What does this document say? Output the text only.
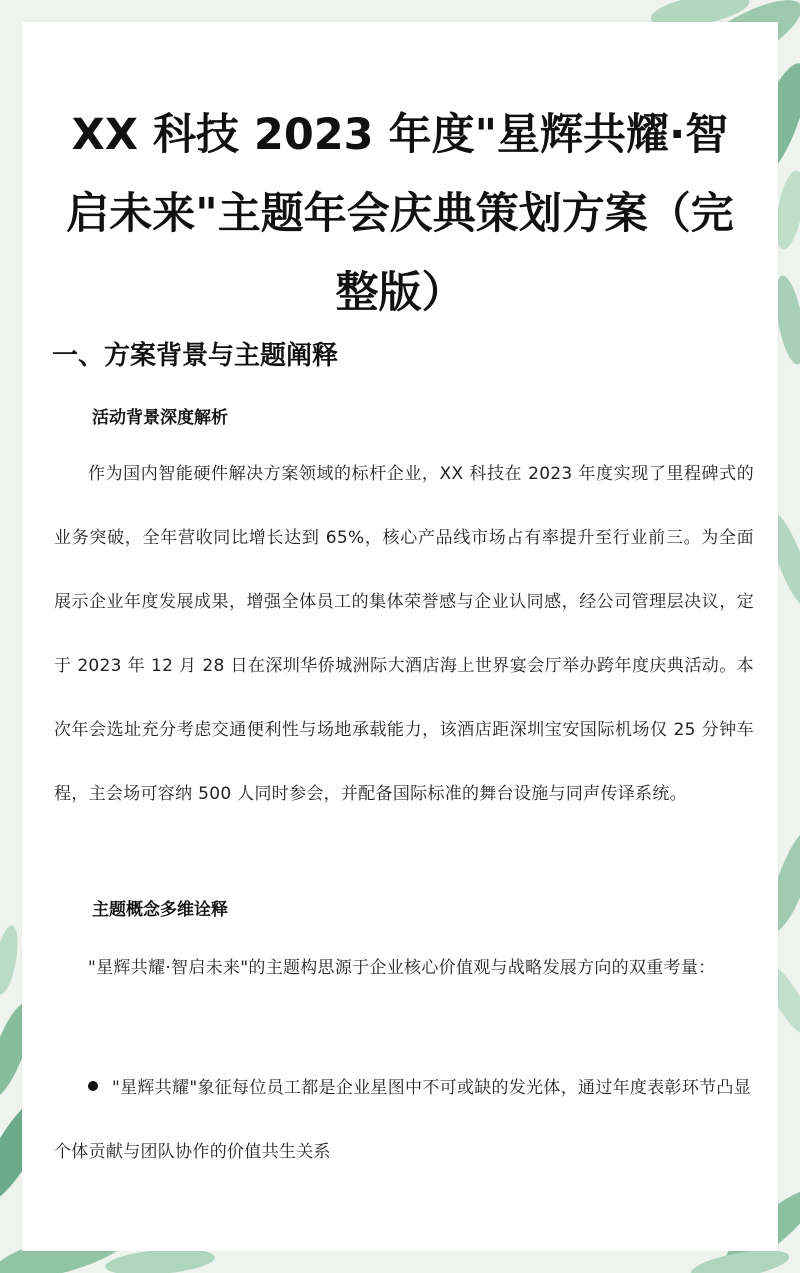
XX 科技 2023 年度"星辉共耀·智启未来"主题年会庆典策划方案（完整版）
一、方案背景与主题阐释
活动背景深度解析

作为国内智能硬件解决方案领域的标杆企业，XX 科技在 2023 年度实现了里程碑式的业务突破，全年营收同比增长达到 65%，核心产品线市场占有率提升至行业前三。为全面展示企业年度发展成果，增强全体员工的集体荣誉感与企业认同感，经公司管理层决议，定于 2023 年 12 月 28 日在深圳华侨城洲际大酒店海上世界宴会厅举办跨年度庆典活动。本次年会选址充分考虑交通便利性与场地承载能力，该酒店距深圳宝安国际机场仅 25 分钟车程，主会场可容纳 500 人同时参会，并配备国际标准的舞台设施与同声传译系统。

主题概念多维诠释

"星辉共耀·智启未来"的主题构思源于企业核心价值观与战略发展方向的双重考量：

"星辉共耀"象征每位员工都是企业星图中不可或缺的发光体，通过年度表彰环节凸显个体贡献与团队协作的价值共生关系
